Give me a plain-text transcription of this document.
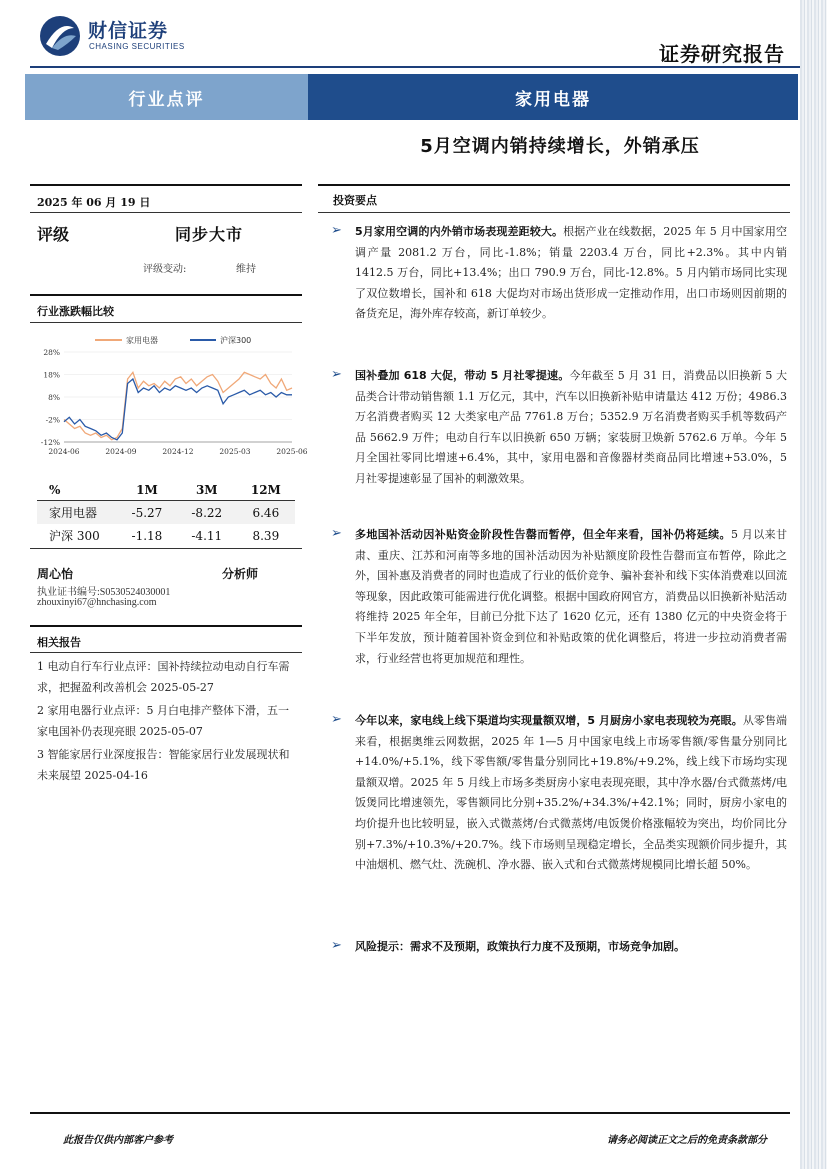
财信证券
CHASING SECURITIES	证券研究报告
行业点评	家用电器
5月空调内销持续增长，外销承压
2025 年 06 月 19 日
评级	同步大市
评级变动:	维持
行业涨跌幅比较
家用电器	沪深300
28%
18%
8%
-2%
-12%
2024-06	2024-09	2024-12	2025-03	2025-06
%	1M	3M	12M
家用电器	-5.27	-8.22	6.46
沪深 300	-1.18	-4.11	8.39
周心怡	分析师
执业证书编号:S0530524030001
zhouxinyi67@hnchasing.com
相关报告
1 电动自行车行业点评：国补持续拉动电动自行车需求，把握盈利改善机会 2025-05-27
2 家用电器行业点评：5 月白电排产整体下滑，五一家电国补仍表现亮眼 2025-05-07
3 智能家居行业深度报告：智能家居行业发展现状和未来展望 2025-04-16
投资要点
➢ 5月家用空调的内外销市场表现差距较大。根据产业在线数据，2025 年 5 月中国家用空调产量 2081.2 万台，同比-1.8%；销量 2203.4 万台，同比+2.3%。其中内销 1412.5 万台，同比+13.4%；出口 790.9 万台，同比-12.8%。5 月内销市场同比实现了双位数增长，国补和 618 大促均对市场出货形成一定推动作用，出口市场则因前期的备货充足，海外库存较高，新订单较少。
➢ 国补叠加 618 大促，带动 5 月社零提速。今年截至 5 月 31 日，消费品以旧换新 5 大品类合计带动销售额 1.1 万亿元，其中，汽车以旧换新补贴申请量达 412 万份；4986.3 万名消费者购买 12 大类家电产品 7761.8 万台；5352.9 万名消费者购买手机等数码产品 5662.9 万件；电动自行车以旧换新 650 万辆；家装厨卫焕新 5762.6 万单。今年 5 月全国社零同比增速+6.4%，其中，家用电器和音像器材类商品同比增速+53.0%，5 月社零提速彰显了国补的刺激效果。
➢ 多地国补活动因补贴资金阶段性告罄而暂停，但全年来看，国补仍将延续。5 月以来甘肃、重庆、江苏和河南等多地的国补活动因为补贴额度阶段性告罄而宣布暂停，除此之外，国补惠及消费者的同时也造成了行业的低价竞争、骗补套补和线下实体消费难以回流等现象，因此政策可能需进行优化调整。根据中国政府网官方，消费品以旧换新补贴活动将维持 2025 年全年，目前已分批下达了 1620 亿元，还有 1380 亿元的中央资金将于下半年发放，预计随着国补资金到位和补贴政策的优化调整后，将进一步拉动消费者需求，行业经营也将更加规范和理性。
➢ 今年以来，家电线上线下渠道均实现量额双增，5 月厨房小家电表现较为亮眼。从零售端来看，根据奥维云网数据，2025 年 1—5 月中国家电线上市场零售额/零售量分别同比+14.0%/+5.1%，线下零售额/零售量分别同比+19.8%/+9.2%，线上线下市场均实现量额双增。2025 年 5 月线上市场多类厨房小家电表现亮眼，其中净水器/台式微蒸烤/电饭煲同比增速领先，零售额同比分别+35.2%/+34.3%/+42.1%；同时，厨房小家电的均价提升也比较明显，嵌入式微蒸烤/台式微蒸烤/电饭煲价格涨幅较为突出，均价同比分别+7.3%/+10.3%/+20.7%。线下市场则呈现稳定增长，全品类实现额价同步提升，其中油烟机、燃气灶、洗碗机、净水器、嵌入式和台式微蒸烤规模同比增长超 50%。
➢ 风险提示：需求不及预期，政策执行力度不及预期，市场竞争加剧。
此报告仅供内部客户参考	请务必阅读正文之后的免责条款部分
